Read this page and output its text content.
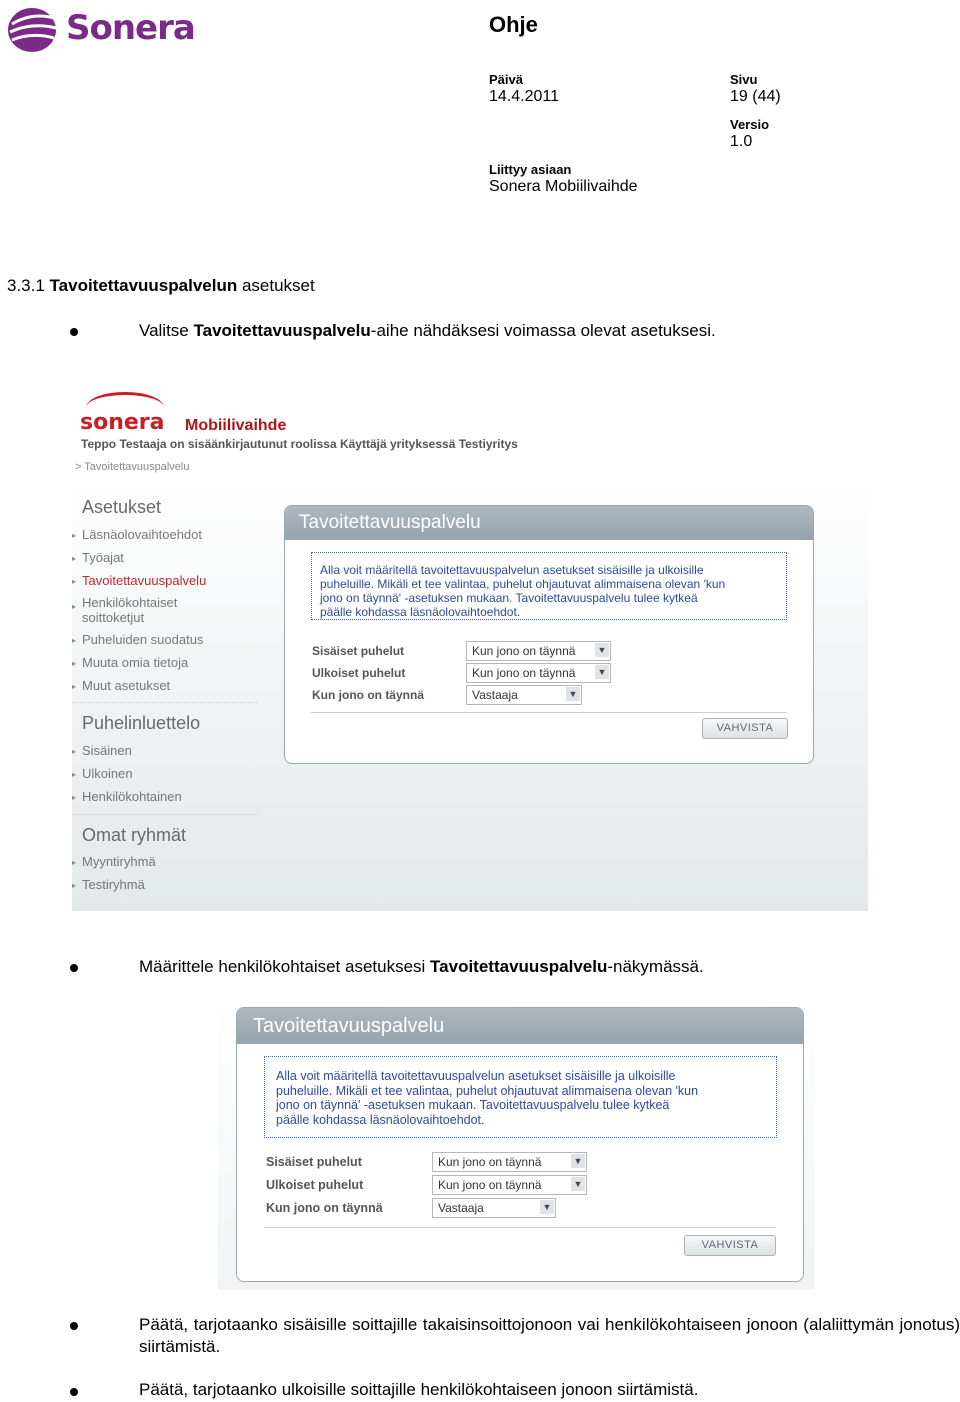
Sonera	Ohje
Päivä
14.4.2011
Sivu
19 (44)
Versio
1.0
Liittyy asiaan
Sonera Mobiilivaihde
3.3.1 Tavoitettavuuspalvelun asetukset
Valitse Tavoitettavuuspalvelu-aihe nähdäksesi voimassa olevat asetuksesi.
sonera Mobiilivaihde
Teppo Testaaja on sisäänkirjautunut roolissa Käyttäjä yrityksessä Testiyritys
> Tavoitettavuuspalvelu
Asetukset
▸ Läsnäolovaihtoehdot
▸ Työajat
▸ Tavoitettavuuspalvelu
▸ Henkilökohtaiset soittoketjut
▸ Puheluiden suodatus
▸ Muuta omia tietoja
▸ Muut asetukset
Puhelinluettelo
▸ Sisäinen
▸ Ulkoinen
▸ Henkilökohtainen
Omat ryhmät
▸ Myyntiryhmä
▸ Testiryhmä
Tavoitettavuuspalvelu
Alla voit määritellä tavoitettavuuspalvelun asetukset sisäisille ja ulkoisille
puheluille. Mikäli et tee valintaa, puhelut ohjautuvat alimmaisena olevan 'kun
jono on täynnä' -asetuksen mukaan. Tavoitettavuuspalvelu tulee kytkeä
päälle kohdassa läsnäolovaihtoehdot.
Sisäiset puhelut	Kun jono on täynnä ▼
Ulkoiset puhelut	Kun jono on täynnä ▼
Kun jono on täynnä	Vastaaja	▼
VAHVISTA
Määrittele henkilökohtaiset asetuksesi Tavoitettavuuspalvelu-näkymässä.
Tavoitettavuuspalvelu
Alla voit määritellä tavoitettavuuspalvelun asetukset sisäisille ja ulkoisille
puheluille. Mikäli et tee valintaa, puhelut ohjautuvat alimmaisena olevan 'kun
jono on täynnä' -asetuksen mukaan. Tavoitettavuuspalvelu tulee kytkeä
päälle kohdassa läsnäolovaihtoehdot.
Sisäiset puhelut	Kun jono on täynnä	▼
Ulkoiset puhelut	Kun jono on täynnä	▼
Kun jono on täynnä	Vastaaja	▼
VAHVISTA
Päätä, tarjotaanko sisäisille soittajille takaisinsoittojonoon vai henkilökohtaiseen jonoon (alaliittymän jonotus) siirtämistä.
Päätä, tarjotaanko ulkoisille soittajille henkilökohtaiseen jonoon siirtämistä.
